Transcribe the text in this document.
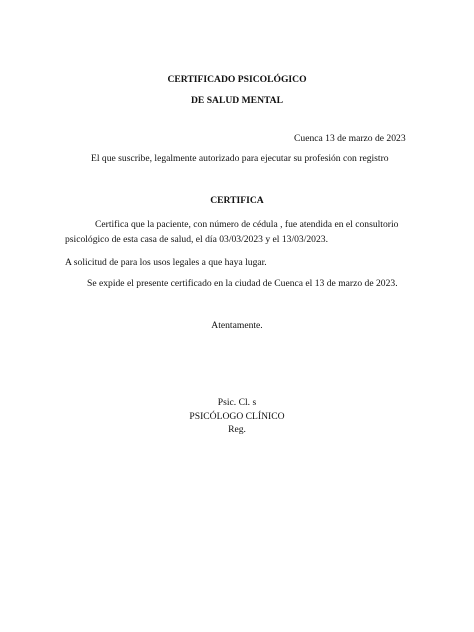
CERTIFICADO PSICOLÓGICO
DE SALUD MENTAL
Cuenca 13 de marzo de 2023
El que suscribe, legalmente autorizado para ejecutar su profesión con registro
CERTIFICA
Certifica que la paciente, con número de cédula , fue atendida en el consultorio
psicológico de esta casa de salud, el día 03/03/2023 y el 13/03/2023.
A solicitud de para los usos legales a que haya lugar.
Se expide el presente certificado en la ciudad de Cuenca el 13 de marzo de 2023.
Atentamente.
Psic. Cl. s
PSICÓLOGO CLÍNICO
Reg.
